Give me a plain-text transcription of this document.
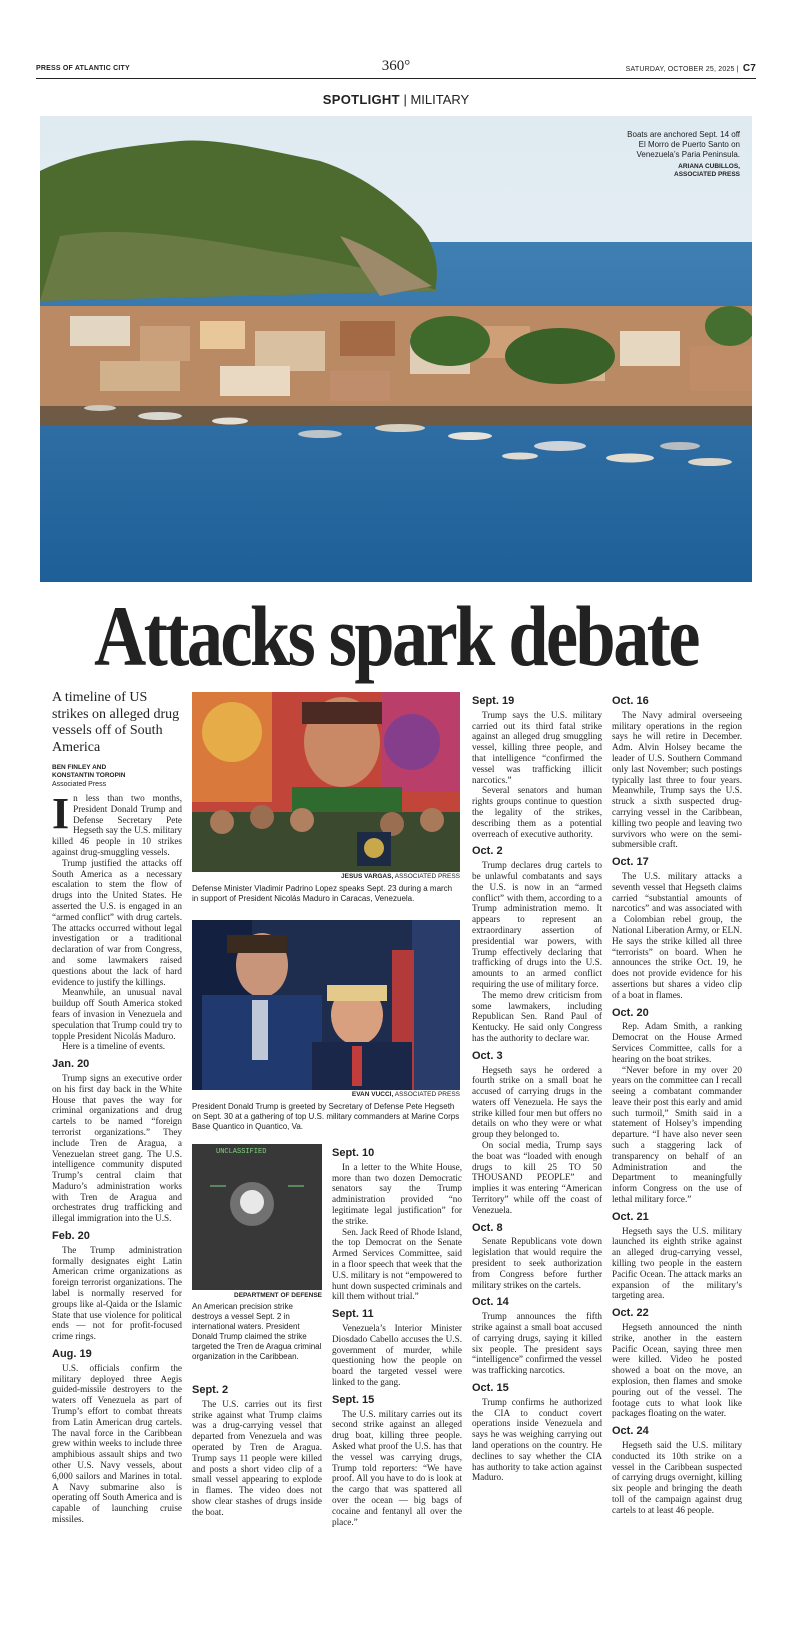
PRESS OF ATLANTIC CITY	360°	SATURDAY, OCTOBER 25, 2025 | C7
SPOTLIGHT | MILITARY
Boats are anchored Sept. 14 off El Morro de Puerto Santo on Venezuela’s Paria Peninsula.
ARIANA CUBILLOS,
ASSOCIATED PRESS
Attacks spark debate
A timeline of US strikes on alleged drug vessels off of South America
BEN FINLEY AND
KONSTANTIN TOROPIN
Associated Press

In less than two months, President Donald Trump and Defense Secretary Pete Hegseth say the U.S. military killed 46 people in 10 strikes against drug-smuggling vessels.

Trump justified the attacks off South America as a necessary escalation to stem the flow of drugs into the United States. He asserted the U.S. is engaged in an “armed conflict” with drug cartels. The attacks occurred without legal investigation or a traditional declaration of war from Congress, and some lawmakers raised questions about the lack of hard evidence to justify the killings.

Meanwhile, an unusual naval buildup off South America stoked fears of invasion in Venezuela and speculation that Trump could try to topple President Nicolás Maduro.

Here is a timeline of events.

Jan. 20

Trump signs an executive order on his first day back in the White House that paves the way for criminal organizations and drug cartels to be named “foreign terrorist organizations.” They include Tren de Aragua, a Venezuelan street gang. The U.S. intelligence community disputed Trump’s central claim that Maduro’s administration works with Tren de Aragua and orchestrates drug trafficking and illegal immigration into the U.S.

Feb. 20

The Trump administration formally designates eight Latin American crime organizations as foreign terrorist organizations. The label is normally reserved for groups like al-Qaida or the Islamic State that use violence for political ends — not for profit-focused crime rings.

Aug. 19

U.S. officials confirm the military deployed three Aegis guided-missile destroyers to the waters off Venezuela as part of Trump’s effort to combat threats from Latin American drug cartels. The naval force in the Caribbean grew within weeks to include three amphibious assault ships and two other U.S. Navy vessels, about 6,000 sailors and Marines in total. A Navy submarine also is operating off South America and is capable of launching cruise missiles.

JESUS VARGAS, ASSOCIATED PRESS
Defense Minister Vladimir Padrino Lopez speaks Sept. 23 during a march in support of President Nicolás Maduro in Caracas, Venezuela.
EVAN VUCCI, ASSOCIATED PRESS
President Donald Trump is greeted by Secretary of Defense Pete Hegseth on Sept. 30 at a gathering of top U.S. military commanders at Marine Corps Base Quantico in Quantico, Va.
UNCLASSIFIED
DEPARTMENT OF DEFENSE
An American precision strike destroys a vessel Sept. 2 in international waters. President Donald Trump claimed the strike targeted the Tren de Aragua criminal organization in the Caribbean.
Sept. 2

The U.S. carries out its first strike against what Trump claims was a drug-carrying vessel that departed from Venezuela and was operated by Tren de Aragua. Trump says 11 people were killed and posts a short video clip of a small vessel appearing to explode in flames. The video does not show clear stashes of drugs inside the boat.

Sept. 10

In a letter to the White House, more than two dozen Democratic senators say the Trump administration provided “no legitimate legal justification” for the strike.

Sen. Jack Reed of Rhode Island, the top Democrat on the Senate Armed Services Committee, said in a floor speech that week that the U.S. military is not “empowered to hunt down suspected criminals and kill them without trial.”

Sept. 11

Venezuela’s Interior Minister Diosdado Cabello accuses the U.S. government of murder, while questioning how the people on board the targeted vessel were linked to the gang.

Sept. 15

The U.S. military carries out its second strike against an alleged drug boat, killing three people. Asked what proof the U.S. has that the vessel was carrying drugs, Trump told reporters: “We have proof. All you have to do is look at the cargo that was spattered all over the ocean — big bags of cocaine and fentanyl all over the place.”

Sept. 19

Trump says the U.S. military carried out its third fatal strike against an alleged drug smuggling vessel, killing three people, and that intelligence “confirmed the vessel was trafficking illicit narcotics.”

Several senators and human rights groups continue to question the legality of the strikes, describing them as a potential overreach of executive authority.

Oct. 2

Trump declares drug cartels to be unlawful combatants and says the U.S. is now in an “armed conflict” with them, according to a Trump administration memo. It appears to represent an extraordinary assertion of presidential war powers, with Trump effectively declaring that trafficking of drugs into the U.S. amounts to an armed conflict requiring the use of military force.

The memo drew criticism from some lawmakers, including Republican Sen. Rand Paul of Kentucky. He said only Congress has the authority to declare war.

Oct. 3

Hegseth says he ordered a fourth strike on a small boat he accused of carrying drugs in the waters off Venezuela. He says the strike killed four men but offers no details on who they were or what group they belonged to.

On social media, Trump says the boat was “loaded with enough drugs to kill 25 TO 50 THOUSAND PEOPLE” and implies it was entering “American Territory” while off the coast of Venezuela.

Oct. 8

Senate Republicans vote down legislation that would require the president to seek authorization from Congress before further military strikes on the cartels.

Oct. 14

Trump announces the fifth strike against a small boat accused of carrying drugs, saying it killed six people. The president says “intelligence” confirmed the vessel was trafficking narcotics.

Oct. 15

Trump confirms he authorized the CIA to conduct covert operations inside Venezuela and says he was weighing carrying out land operations on the country. He declines to say whether the CIA has authority to take action against Maduro.

Oct. 16

The Navy admiral overseeing military operations in the region says he will retire in December. Adm. Alvin Holsey became the leader of U.S. Southern Command only last November; such postings typically last three to four years. Meanwhile, Trump says the U.S. struck a sixth suspected drug-carrying vessel in the Caribbean, killing two people and leaving two survivors who were on the semi-submersible craft.

Oct. 17

The U.S. military attacks a seventh vessel that Hegseth claims carried “substantial amounts of narcotics” and was associated with a Colombian rebel group, the National Liberation Army, or ELN. He says the strike killed all three “terrorists” on board. When he announces the strike Oct. 19, he does not provide evidence for his assertions but shares a video clip of a boat in flames.

Oct. 20

Rep. Adam Smith, a ranking Democrat on the House Armed Services Committee, calls for a hearing on the boat strikes.

“Never before in my over 20 years on the committee can I recall seeing a combatant commander leave their post this early and amid such turmoil,” Smith said in a statement of Holsey’s impending departure. “I have also never seen such a staggering lack of transparency on behalf of an Administration and the Department to meaningfully inform Congress on the use of lethal military force.”

Oct. 21

Hegseth says the U.S. military launched its eighth strike against an alleged drug-carrying vessel, killing two people in the eastern Pacific Ocean. The attack marks an expansion of the military’s targeting area.

Oct. 22

Hegseth announced the ninth strike, another in the eastern Pacific Ocean, saying three men were killed. Video he posted showed a boat on the move, an explosion, then flames and smoke pouring out of the vessel. The footage cuts to what look like packages floating on the water.

Oct. 24

Hegseth said the U.S. military conducted its 10th strike on a vessel in the Caribbean suspected of carrying drugs overnight, killing six people and bringing the death toll of the campaign against drug cartels to at least 46 people.
